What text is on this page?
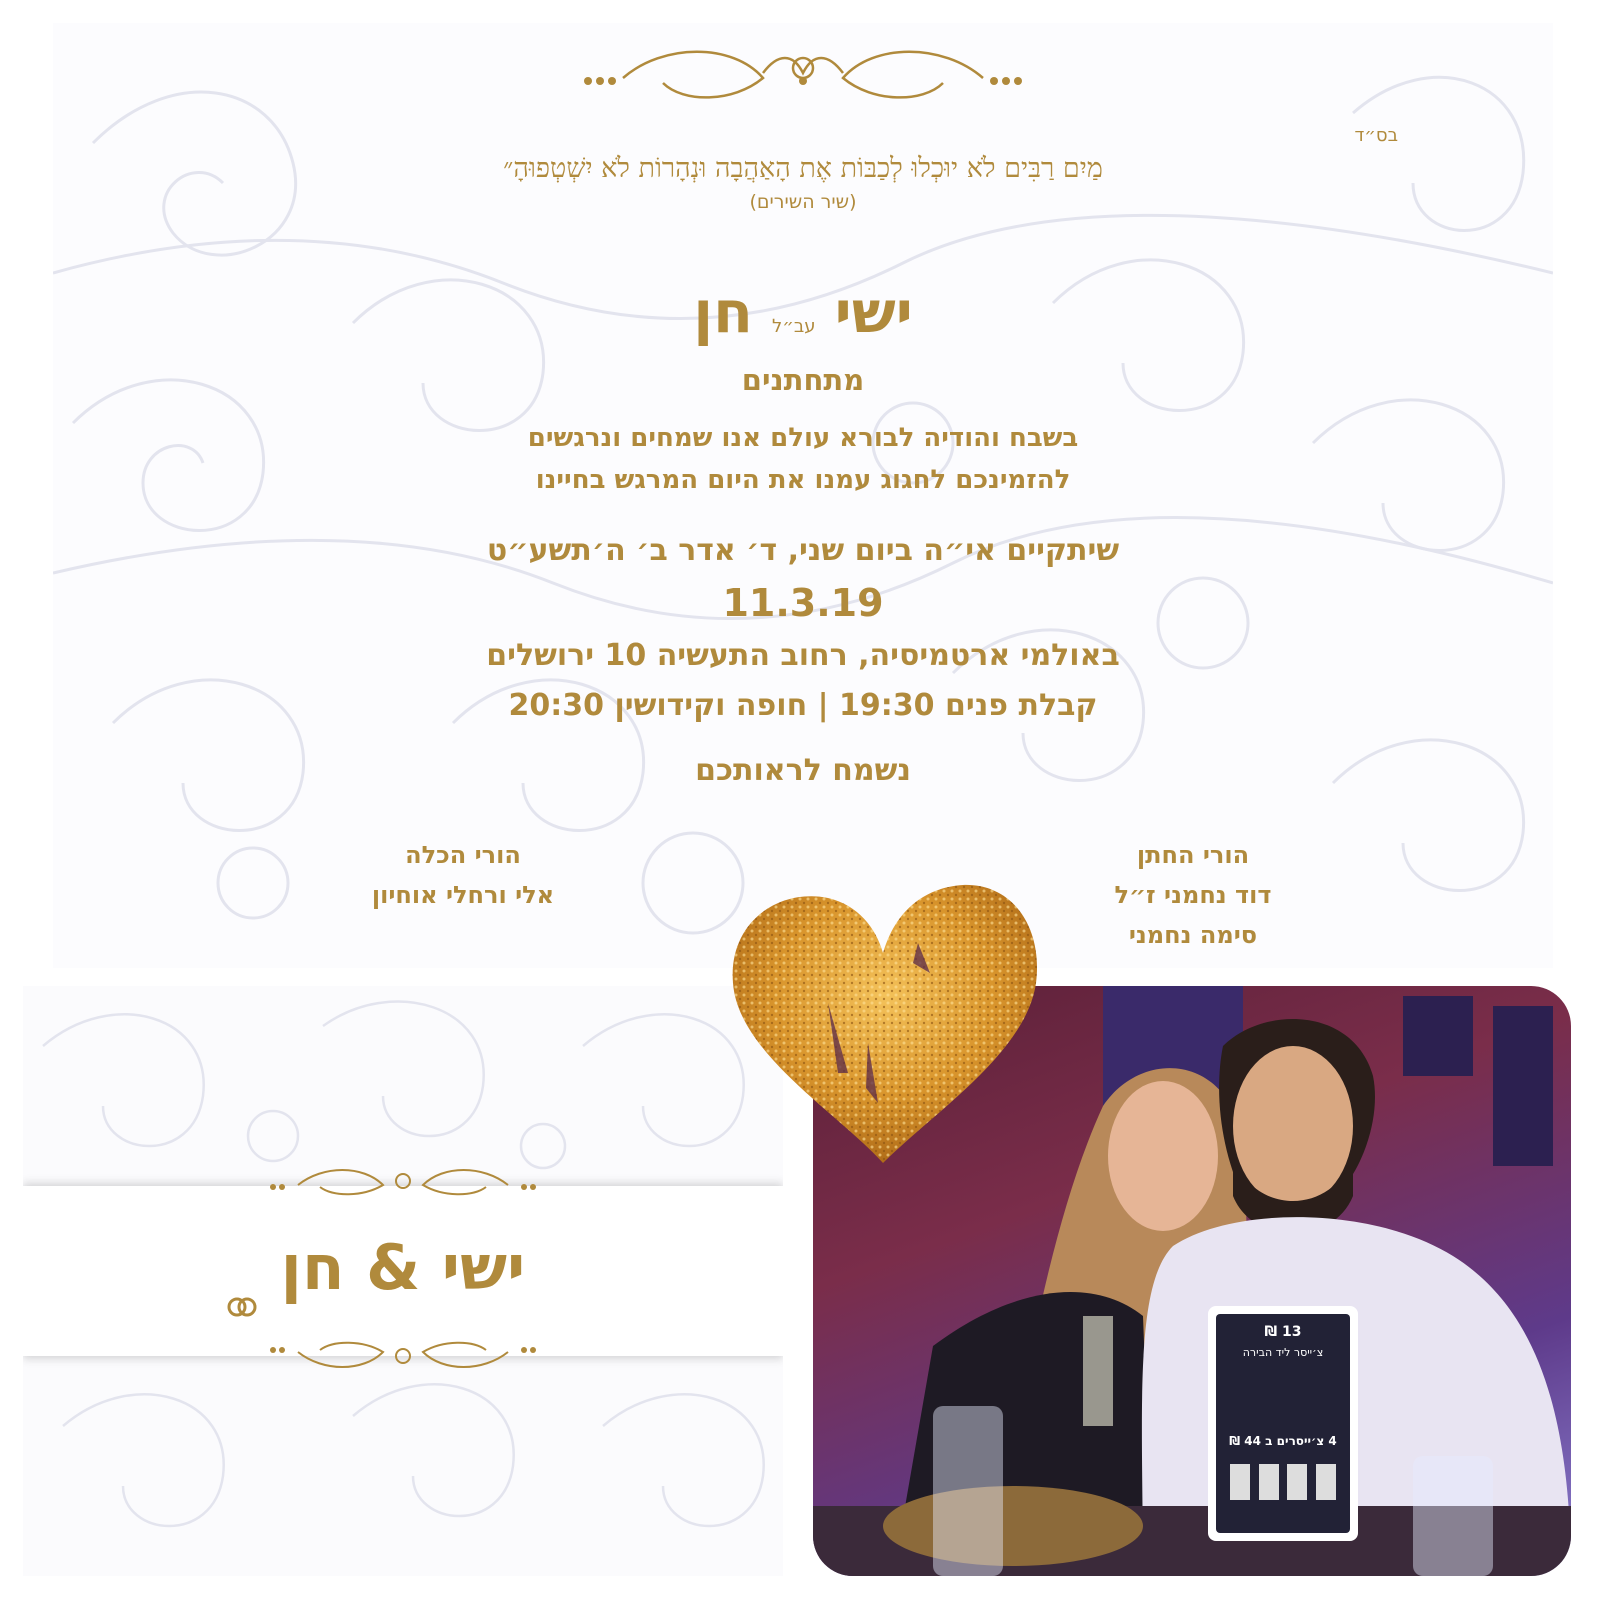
בס״ד
מַיִם רַבִּים לֹא יוּכְלוּ לְכַבּוֹת אֶת הָאַהֲבָה וּנְהָרוֹת לֹא יִשְׁטְפוּהָ״
(שיר השירים)
ישי עב״ל חן
מתחתנים
בשבח והודיה לבורא עולם אנו שמחים ונרגשים
להזמינכם לחגוג עמנו את היום המרגש בחיינו
שיתקיים אי״ה ביום שני, ד׳ אדר ב׳ ה׳תשע״ט
11.3.19
באולמי ארטמיסיה, רחוב התעשיה 10 ירושלים
קבלת פנים 19:30 | חופה וקידושין 20:30
נשמח לראותכם
הורי החתן
דוד נחמני ז״ל
סימה נחמני
הורי הכלה
אלי ורחלי אוחיון
ישי & חן
13 ₪
צ׳ייסר ליד הבירה
4 צ׳ייסרים ב 44 ₪
